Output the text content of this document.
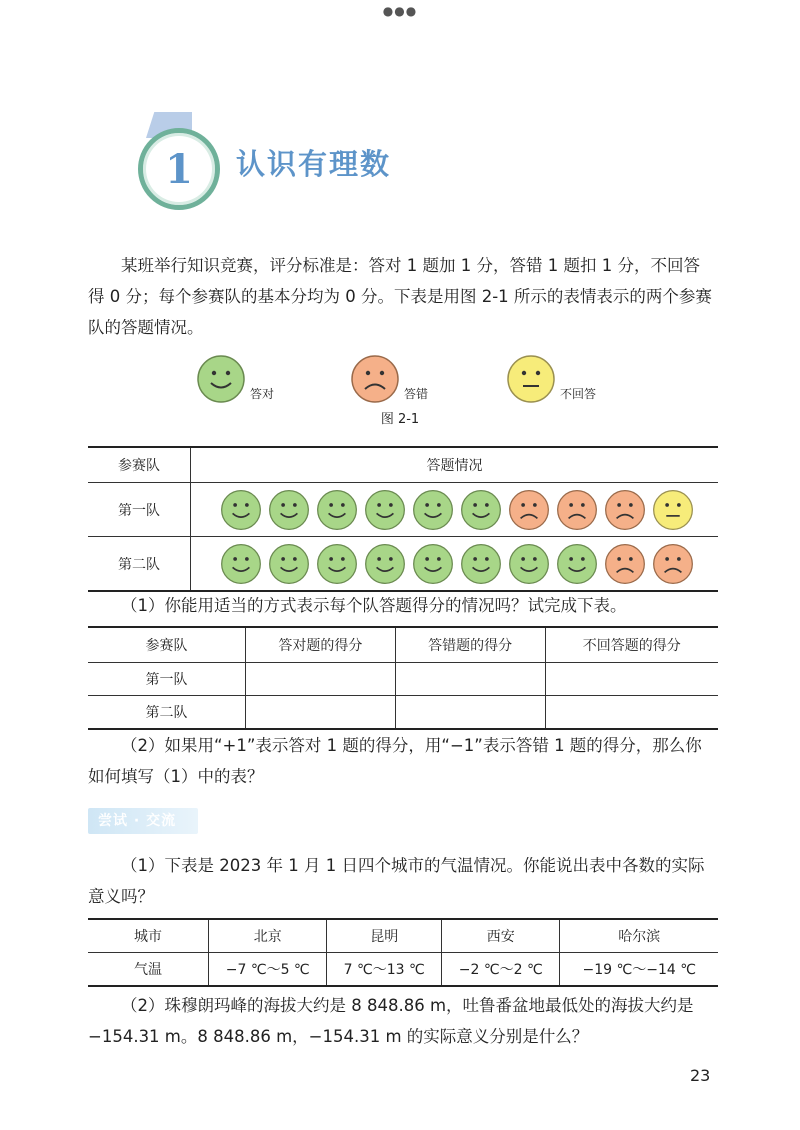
●●●
1 认识有理数

某班举行知识竞赛，评分标准是：答对 1 题加 1 分，答错 1 题扣 1 分，不回答得 0 分；每个参赛队的基本分均为 0 分。下表是用图 2-1 所示的表情表示的两个参赛队的答题情况。

答对	答错	不回答
图 2-1
参赛队	答题情况
第一队	

第二队	

（1）你能用适当的方式表示每个队答题得分的情况吗？试完成下表。

参赛队	答对题的得分	答错题的得分	不回答题的得分
第一队			
第二队			

（2）如果用“+1”表示答对 1 题的得分，用“−1”表示答错 1 题的得分，那么你如何填写（1）中的表？

尝试 · 交流

（1）下表是 2023 年 1 月 1 日四个城市的气温情况。你能说出表中各数的实际意义吗？

城市	北京	昆明	西安	哈尔滨
气温	−7 ℃～5 ℃	7 ℃～13 ℃	−2 ℃～2 ℃	−19 ℃～−14 ℃

（2）珠穆朗玛峰的海拔大约是 8 848.86 m，吐鲁番盆地最低处的海拔大约是 −154.31 m。8 848.86 m，−154.31 m 的实际意义分别是什么？

23
